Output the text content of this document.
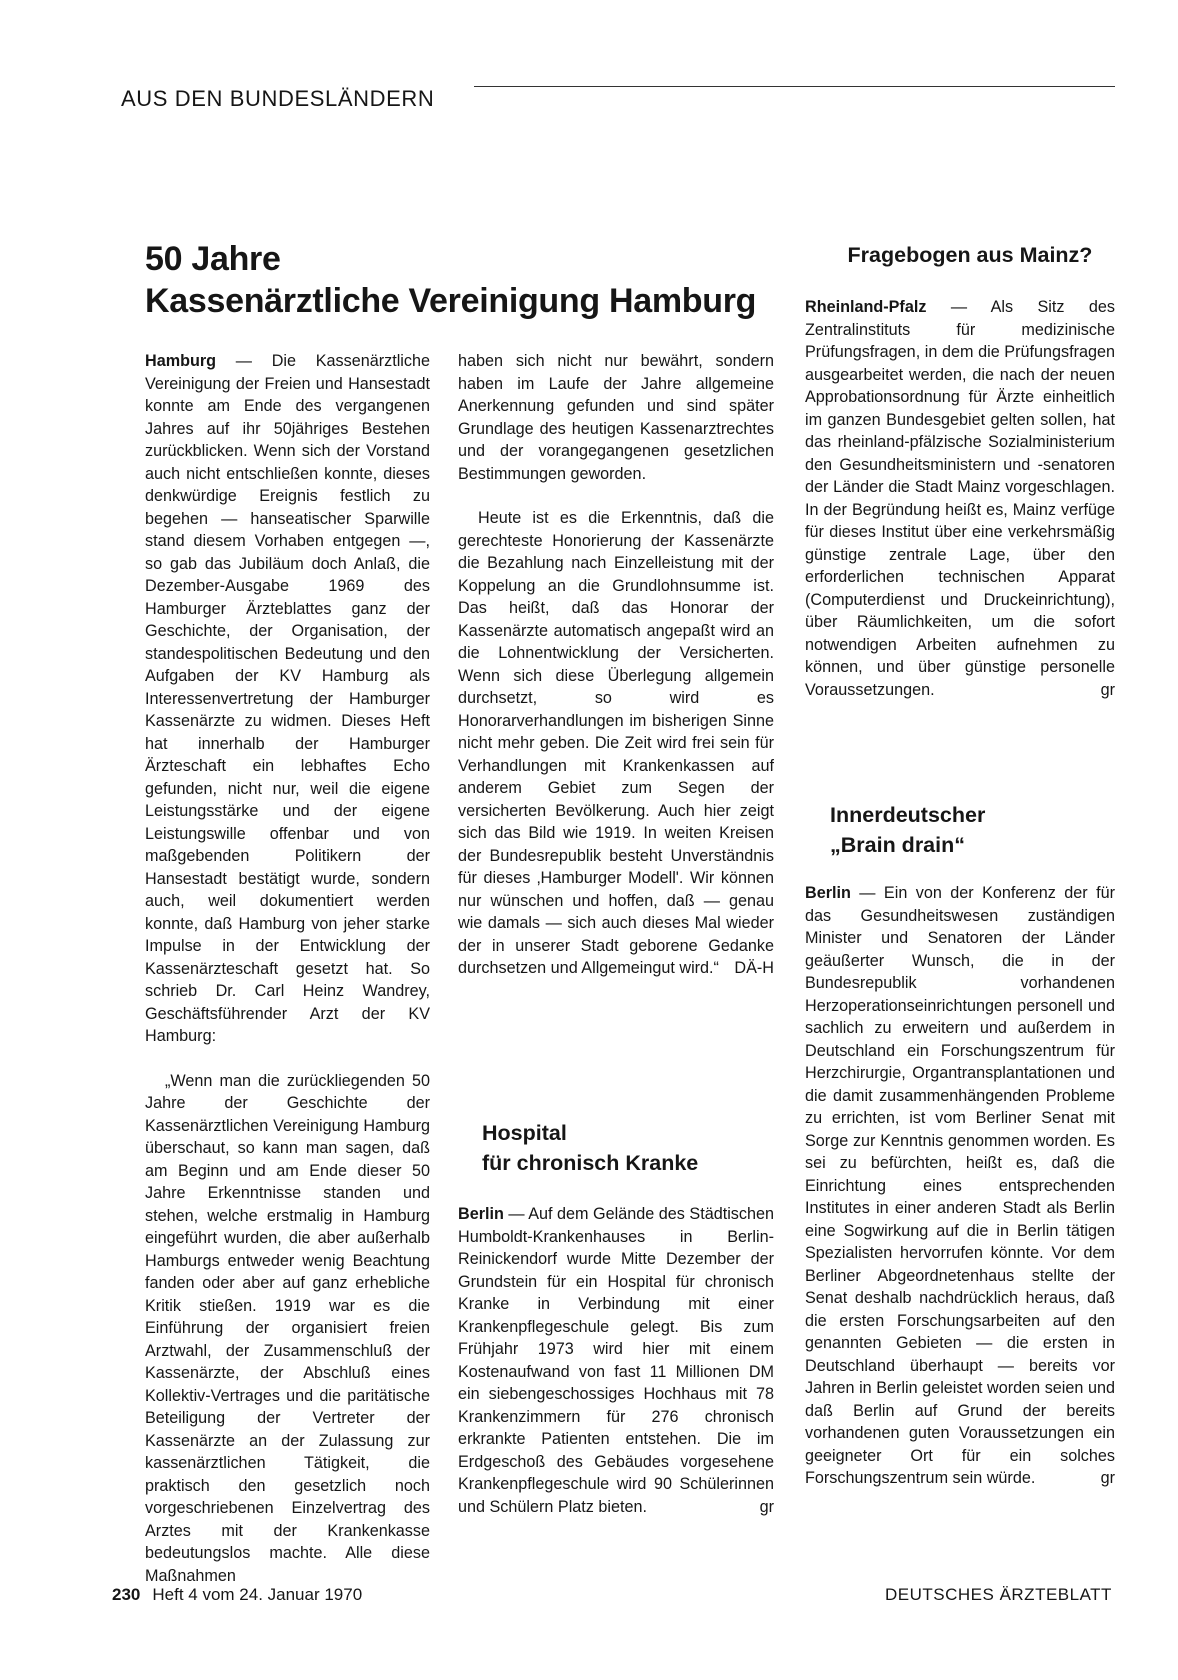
AUS DEN BUNDESLÄNDERN
50 Jahre
Kassenärztliche Vereinigung Hamburg

Hamburg — Die Kassenärztliche Vereinigung der Freien und Hansestadt konnte am Ende des vergangenen Jahres auf ihr 50jähriges Bestehen zurückblicken. Wenn sich der Vorstand auch nicht entschließen konnte, dieses denkwürdige Ereignis festlich zu begehen — hanseatischer Sparwille stand diesem Vorhaben entgegen —, so gab das Jubiläum doch Anlaß, die Dezember-Ausgabe 1969 des Hamburger Ärzteblattes ganz der Geschichte, der Organisation, der standespolitischen Bedeutung und den Aufgaben der KV Hamburg als Interessenvertretung der Hamburger Kassenärzte zu widmen. Dieses Heft hat innerhalb der Hamburger Ärzteschaft ein lebhaftes Echo gefunden, nicht nur, weil die eigene Leistungsstärke und der eigene Leistungswille offenbar und von maßgebenden Politikern der Hansestadt bestätigt wurde, sondern auch, weil dokumentiert werden konnte, daß Hamburg von jeher starke Impulse in der Entwicklung der Kassenärzteschaft gesetzt hat. So schrieb Dr. Carl Heinz Wandrey, Geschäftsführender Arzt der KV Hamburg:

„Wenn man die zurückliegenden 50 Jahre der Geschichte der Kassenärztlichen Vereinigung Hamburg überschaut, so kann man sagen, daß am Beginn und am Ende dieser 50 Jahre Erkenntnisse standen und stehen, welche erstmalig in Hamburg eingeführt wurden, die aber außerhalb Hamburgs entweder wenig Beachtung fanden oder aber auf ganz erhebliche Kritik stießen. 1919 war es die Einführung der organisiert freien Arztwahl, der Zusammenschluß der Kassenärzte, der Abschluß eines Kollektiv-Vertrages und die paritätische Beteiligung der Vertreter der Kassenärzte an der Zulassung zur kassenärztlichen Tätigkeit, die praktisch den gesetzlich noch vorgeschriebenen Einzelvertrag des Arztes mit der Krankenkasse bedeutungslos machte. Alle diese Maßnahmen

haben sich nicht nur bewährt, sondern haben im Laufe der Jahre allgemeine Anerkennung gefunden und sind später Grundlage des heutigen Kassenarztrechtes und der vorangegangenen gesetzlichen Bestimmungen geworden.

Heute ist es die Erkenntnis, daß die gerechteste Honorierung der Kassenärzte die Bezahlung nach Einzelleistung mit der Koppelung an die Grundlohnsumme ist. Das heißt, daß das Honorar der Kassenärzte automatisch angepaßt wird an die Lohnentwicklung der Versicherten. Wenn sich diese Überlegung allgemein durchsetzt, so wird es Honorarverhandlungen im bisherigen Sinne nicht mehr geben. Die Zeit wird frei sein für Verhandlungen mit Krankenkassen auf anderem Gebiet zum Segen der versicherten Bevölkerung. Auch hier zeigt sich das Bild wie 1919. In weiten Kreisen der Bundesrepublik besteht Unverständnis für dieses ‚Hamburger Modell'. Wir können nur wünschen und hoffen, daß — genau wie damals — sich auch dieses Mal wieder der in unserer Stadt geborene Gedanke durchsetzen und Allgemeingut wird.“ DÄ-H

Hospital
für chronisch Kranke

Berlin — Auf dem Gelände des Städtischen Humboldt-Krankenhauses in Berlin-Reinickendorf wurde Mitte Dezember der Grundstein für ein Hospital für chronisch Kranke in Verbindung mit einer Krankenpflegeschule gelegt. Bis zum Frühjahr 1973 wird hier mit einem Kostenaufwand von fast 11 Millionen DM ein siebengeschossiges Hochhaus mit 78 Krankenzimmern für 276 chronisch erkrankte Patienten entstehen. Die im Erdgeschoß des Gebäudes vorgesehene Krankenpflegeschule wird 90 Schülerinnen und Schülern Platz bieten.	gr

Fragebogen aus Mainz?

Rheinland-Pfalz — Als Sitz des Zentralinstituts für medizinische Prüfungsfragen, in dem die Prüfungsfragen ausgearbeitet werden, die nach der neuen Approbationsordnung für Ärzte einheitlich im ganzen Bundesgebiet gelten sollen, hat das rheinland-pfälzische Sozialministerium den Gesundheitsministern und -senatoren der Länder die Stadt Mainz vorgeschlagen. In der Begründung heißt es, Mainz verfüge für dieses Institut über eine verkehrsmäßig günstige zentrale Lage, über den erforderlichen technischen Apparat (Computerdienst und Druckeinrichtung), über Räumlichkeiten, um die sofort notwendigen Arbeiten aufnehmen zu können, und über günstige personelle Voraussetzungen.	gr

Innerdeutscher
„Brain drain“

Berlin — Ein von der Konferenz der für das Gesundheitswesen zuständigen Minister und Senatoren der Länder geäußerter Wunsch, die in der Bundesrepublik vorhandenen Herzoperationseinrichtungen personell und sachlich zu erweitern und außerdem in Deutschland ein Forschungszentrum für Herzchirurgie, Organtransplantationen und die damit zusammenhängenden Probleme zu errichten, ist vom Berliner Senat mit Sorge zur Kenntnis genommen worden. Es sei zu befürchten, heißt es, daß die Einrichtung eines entsprechenden Institutes in einer anderen Stadt als Berlin eine Sogwirkung auf die in Berlin tätigen Spezialisten hervorrufen könnte. Vor dem Berliner Abgeordnetenhaus stellte der Senat deshalb nachdrücklich heraus, daß die ersten Forschungsarbeiten auf den genannten Gebieten — die ersten in Deutschland überhaupt — bereits vor Jahren in Berlin geleistet worden seien und daß Berlin auf Grund der bereits vorhandenen guten Voraussetzungen ein geeigneter Ort für ein solches Forschungszentrum sein würde.	gr

230 Heft 4 vom 24. Januar 1970	DEUTSCHES ÄRZTEBLATT
